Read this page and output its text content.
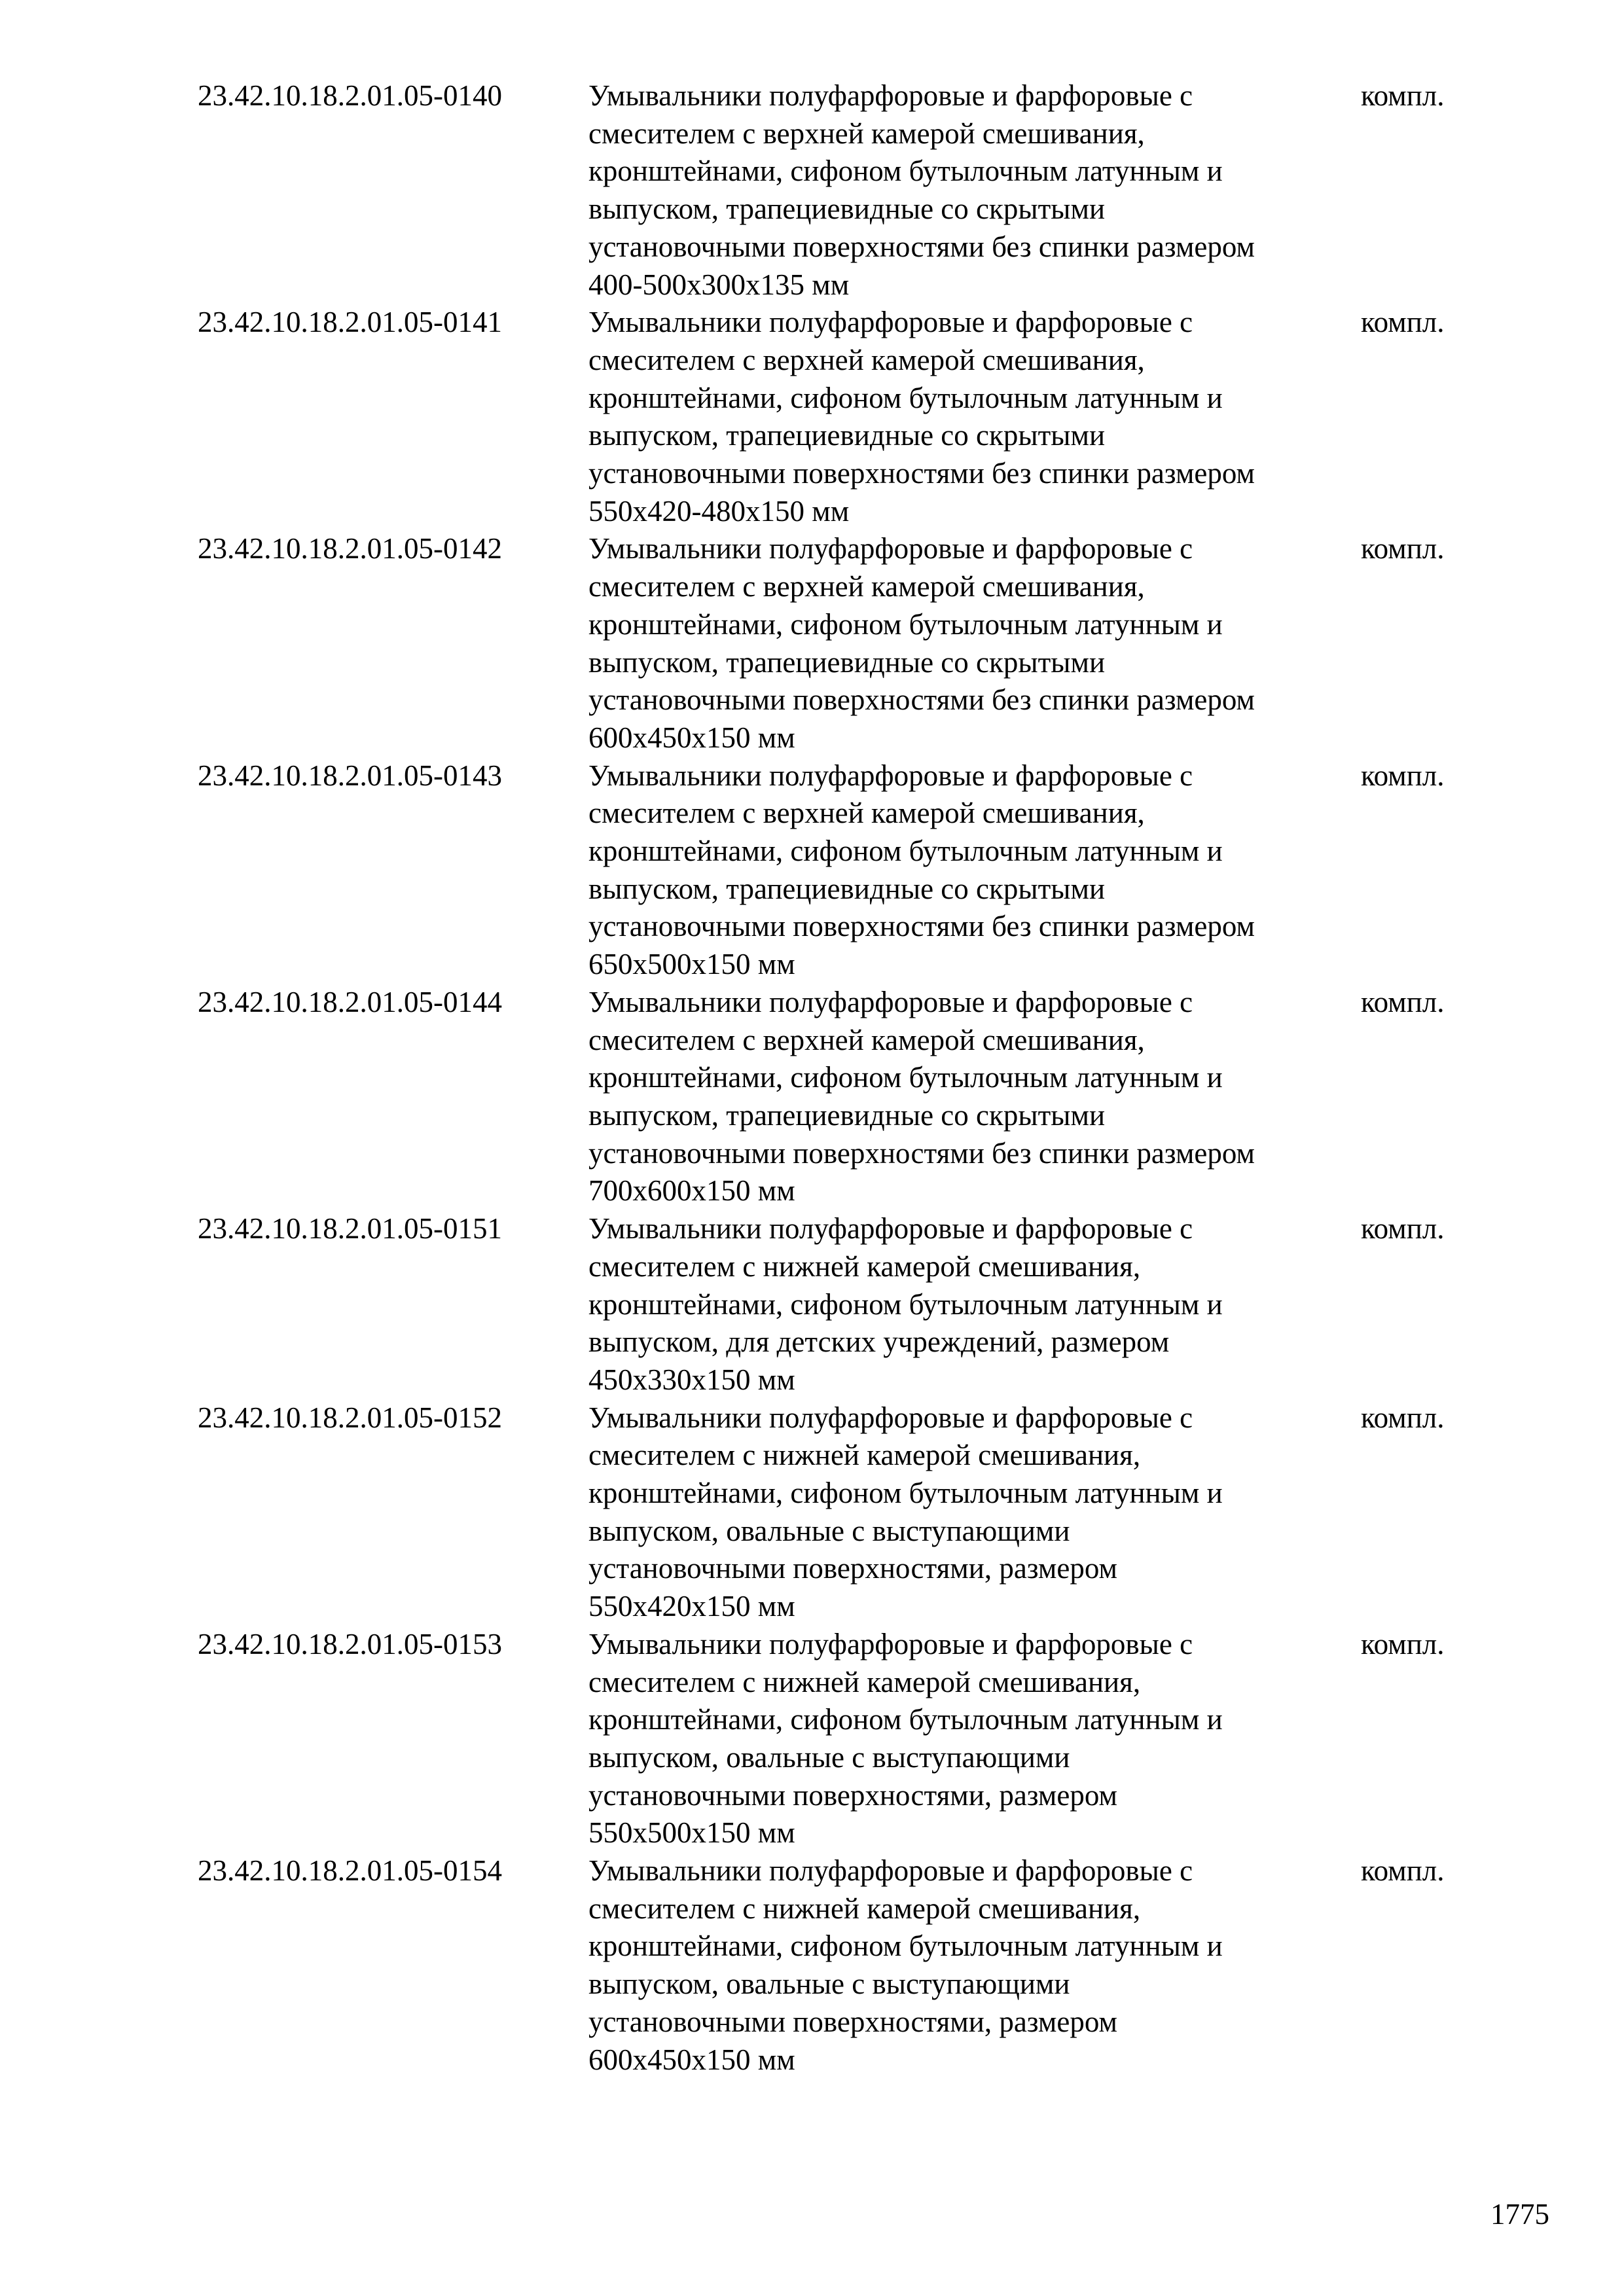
23.42.10.18.2.01.05-0140	Умывальники полуфарфоровые и фарфоровые с
смесителем с верхней камерой смешивания,
кронштейнами, сифоном бутылочным латунным и
выпуском, трапециевидные со скрытыми
установочными поверхностями без спинки размером
400-500x300x135 мм
компл.
23.42.10.18.2.01.05-0141	Умывальники полуфарфоровые и фарфоровые с
смесителем с верхней камерой смешивания,
кронштейнами, сифоном бутылочным латунным и
выпуском, трапециевидные со скрытыми
установочными поверхностями без спинки размером
550x420-480x150 мм
компл.
23.42.10.18.2.01.05-0142	Умывальники полуфарфоровые и фарфоровые с
смесителем с верхней камерой смешивания,
кронштейнами, сифоном бутылочным латунным и
выпуском, трапециевидные со скрытыми
установочными поверхностями без спинки размером
600x450x150 мм
компл.
23.42.10.18.2.01.05-0143	Умывальники полуфарфоровые и фарфоровые с
смесителем с верхней камерой смешивания,
кронштейнами, сифоном бутылочным латунным и
выпуском, трапециевидные со скрытыми
установочными поверхностями без спинки размером
650x500x150 мм
компл.
23.42.10.18.2.01.05-0144	Умывальники полуфарфоровые и фарфоровые с
смесителем с верхней камерой смешивания,
кронштейнами, сифоном бутылочным латунным и
выпуском, трапециевидные со скрытыми
установочными поверхностями без спинки размером
700x600x150 мм
компл.
23.42.10.18.2.01.05-0151	Умывальники полуфарфоровые и фарфоровые с
смесителем с нижней камерой смешивания,
кронштейнами, сифоном бутылочным латунным и
выпуском, для детских учреждений, размером
450x330x150 мм
компл.
23.42.10.18.2.01.05-0152	Умывальники полуфарфоровые и фарфоровые с
смесителем с нижней камерой смешивания,
кронштейнами, сифоном бутылочным латунным и
выпуском, овальные с выступающими
установочными поверхностями, размером
550x420x150 мм
компл.
23.42.10.18.2.01.05-0153	Умывальники полуфарфоровые и фарфоровые с
смесителем с нижней камерой смешивания,
кронштейнами, сифоном бутылочным латунным и
выпуском, овальные с выступающими
установочными поверхностями, размером
550x500x150 мм
компл.
23.42.10.18.2.01.05-0154	Умывальники полуфарфоровые и фарфоровые с
смесителем с нижней камерой смешивания,
кронштейнами, сифоном бутылочным латунным и
выпуском, овальные с выступающими
установочными поверхностями, размером
600x450x150 мм
компл.
1775
